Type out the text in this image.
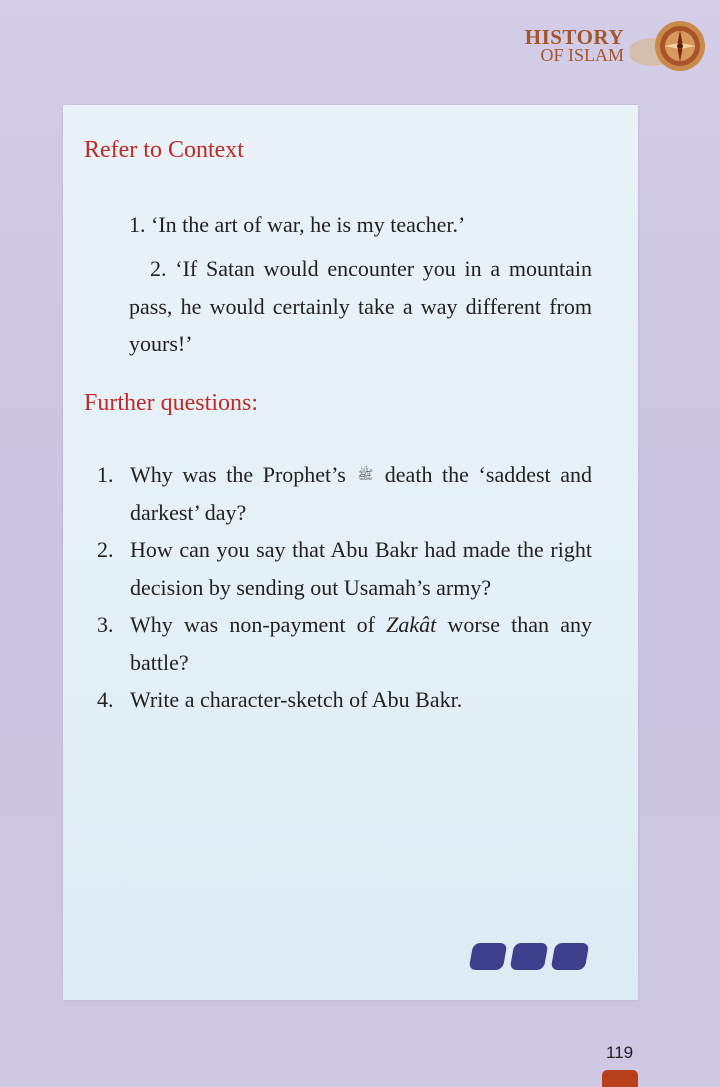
HISTORY
OF ISLAM
Refer to Context
1. ‘In the art of war, he is my teacher.’
2. ‘If Satan would encounter you in a mountain pass, he would certainly take a way different from yours!’
Further questions:
1. Why was the Prophet’s ﷺ death the ‘saddest and darkest’ day?
2. How can you say that Abu Bakr had made the right decision by sending out Usamah’s army?
3. Why was non-payment of Zakât worse than any battle?
4. Write a character-sketch of Abu Bakr.
119
